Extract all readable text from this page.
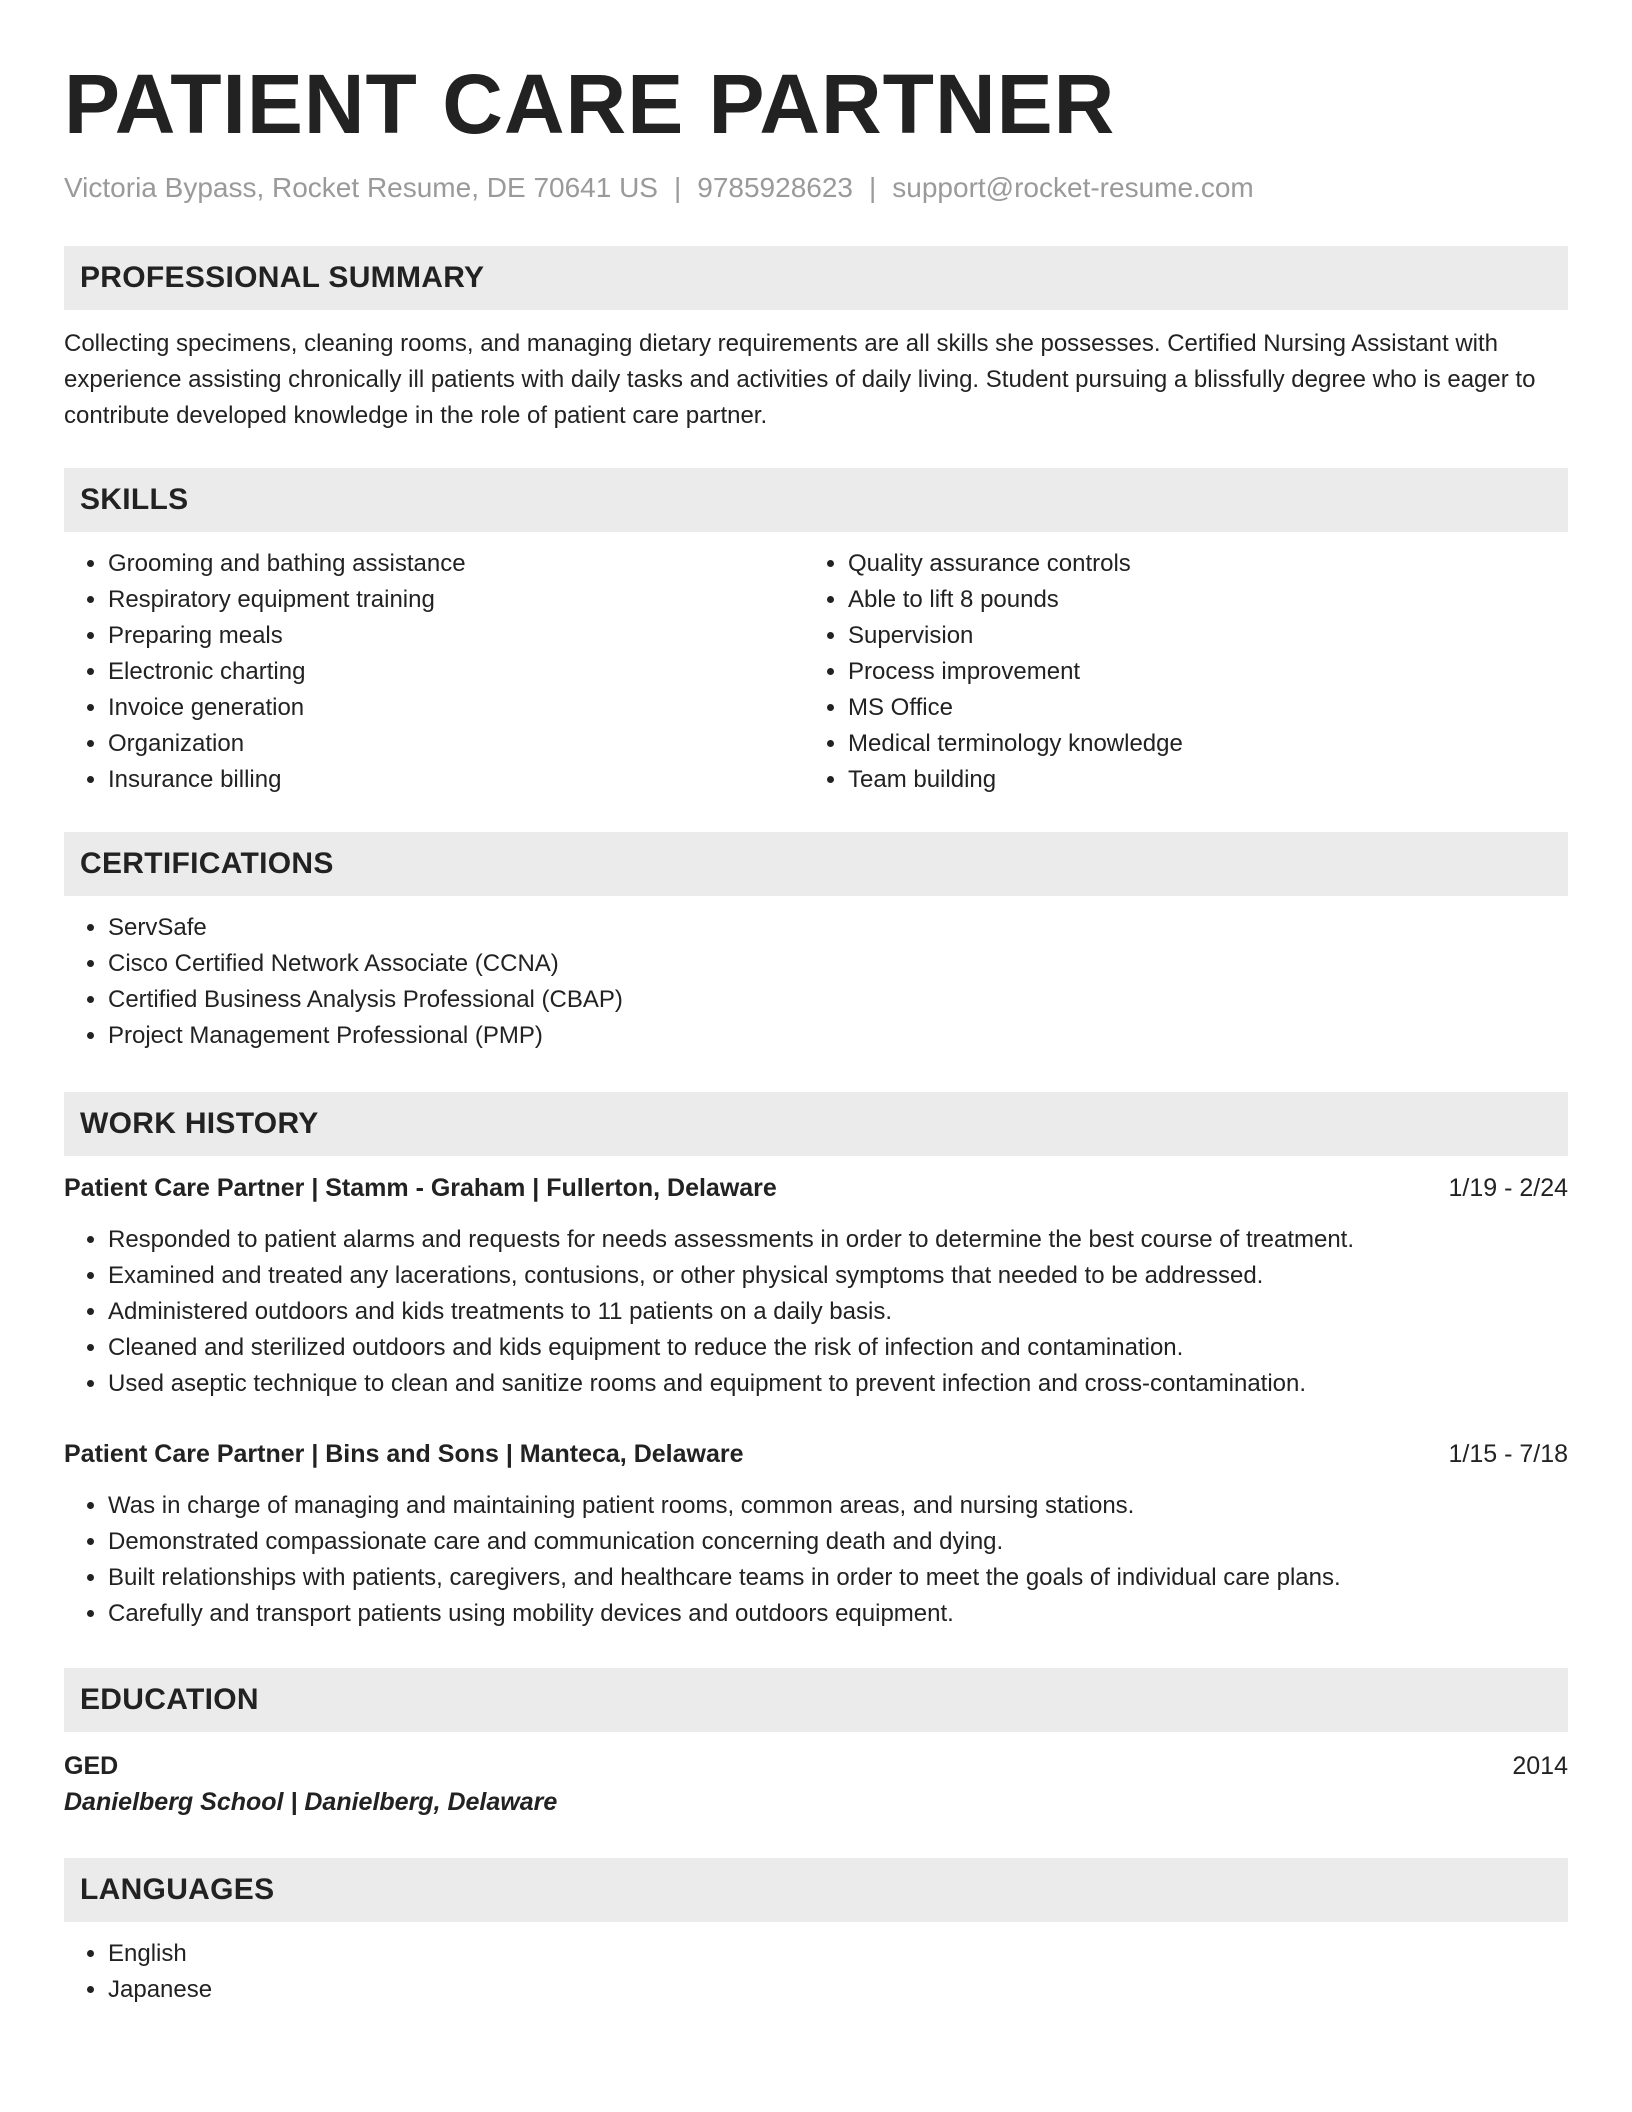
PATIENT CARE PARTNER
Victoria Bypass, Rocket Resume, DE 70641 US | 9785928623 | support@rocket-resume.com
PROFESSIONAL SUMMARY
Collecting specimens, cleaning rooms, and managing dietary requirements are all skills she possesses. Certified Nursing Assistant with experience assisting chronically ill patients with daily tasks and activities of daily living. Student pursuing a blissfully degree who is eager to contribute developed knowledge in the role of patient care partner.
SKILLS
• Grooming and bathing assistance
• Respiratory equipment training
• Preparing meals
• Electronic charting
• Invoice generation
• Organization
• Insurance billing
• Quality assurance controls
• Able to lift 8 pounds
• Supervision
• Process improvement
• MS Office
• Medical terminology knowledge
• Team building
CERTIFICATIONS
• ServSafe
• Cisco Certified Network Associate (CCNA)
• Certified Business Analysis Professional (CBAP)
• Project Management Professional (PMP)
WORK HISTORY
Patient Care Partner | Stamm - Graham | Fullerton, Delaware	1/19 - 2/24
• Responded to patient alarms and requests for needs assessments in order to determine the best course of treatment.
• Examined and treated any lacerations, contusions, or other physical symptoms that needed to be addressed.
• Administered outdoors and kids treatments to 11 patients on a daily basis.
• Cleaned and sterilized outdoors and kids equipment to reduce the risk of infection and contamination.
• Used aseptic technique to clean and sanitize rooms and equipment to prevent infection and cross-contamination.
Patient Care Partner | Bins and Sons | Manteca, Delaware	1/15 - 7/18
• Was in charge of managing and maintaining patient rooms, common areas, and nursing stations.
• Demonstrated compassionate care and communication concerning death and dying.
• Built relationships with patients, caregivers, and healthcare teams in order to meet the goals of individual care plans.
• Carefully and transport patients using mobility devices and outdoors equipment.
EDUCATION
GED	2014
Danielberg School | Danielberg, Delaware
LANGUAGES
• English
• Japanese
